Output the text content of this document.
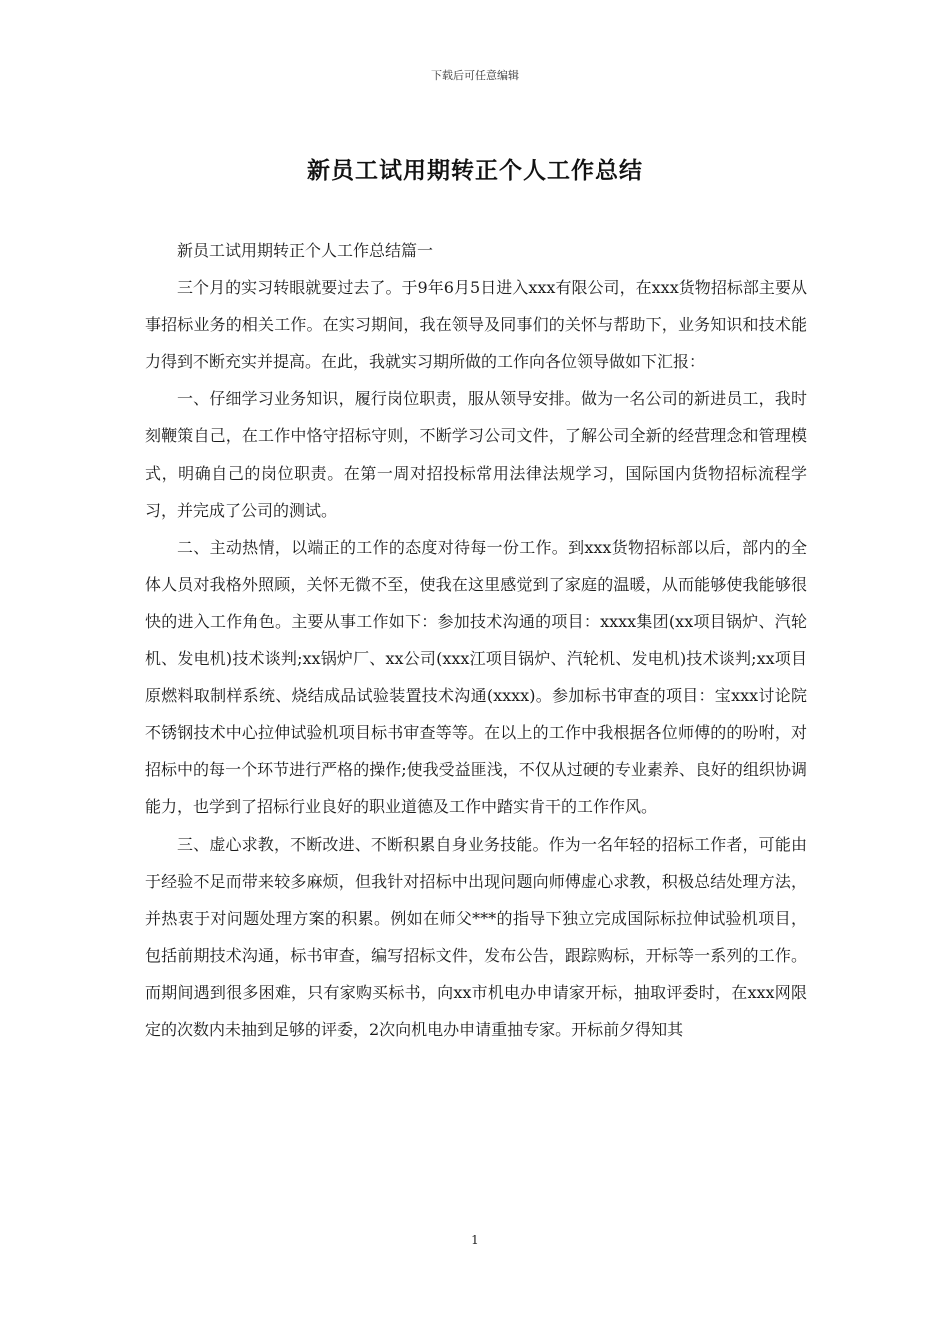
下载后可任意编辑
新员工试用期转正个人工作总结

新员工试用期转正个人工作总结篇一

三个月的实习转眼就要过去了。于9年6月5日进入xxx有限公司，在xxx货物招标部主要从事招标业务的相关工作。在实习期间，我在领导及同事们的关怀与帮助下，业务知识和技术能力得到不断充实并提高。在此，我就实习期所做的工作向各位领导做如下汇报：

一、仔细学习业务知识，履行岗位职责，服从领导安排。做为一名公司的新进员工，我时刻鞭策自己，在工作中恪守招标守则，不断学习公司文件，了解公司全新的经营理念和管理模式，明确自己的岗位职责。在第一周对招投标常用法律法规学习，国际国内货物招标流程学习，并完成了公司的测试。

二、主动热情，以端正的工作的态度对待每一份工作。到xxx货物招标部以后，部内的全体人员对我格外照顾，关怀无微不至，使我在这里感觉到了家庭的温暖，从而能够使我能够很快的进入工作角色。主要从事工作如下：参加技术沟通的项目：xxxx集团(xx项目锅炉、汽轮机、发电机)技术谈判;xx锅炉厂、xx公司(xxx江项目锅炉、汽轮机、发电机)技术谈判;xx项目原燃料取制样系统、烧结成品试验装置技术沟通(xxxx)。参加标书审查的项目：宝xxx讨论院不锈钢技术中心拉伸试验机项目标书审查等等。在以上的工作中我根据各位师傅的的吩咐，对招标中的每一个环节进行严格的操作;使我受益匪浅，不仅从过硬的专业素养、良好的组织协调能力，也学到了招标行业良好的职业道德及工作中踏实肯干的工作作风。

三、虚心求教，不断改进、不断积累自身业务技能。作为一名年轻的招标工作者，可能由于经验不足而带来较多麻烦，但我针对招标中出现问题向师傅虚心求教，积极总结处理方法，并热衷于对问题处理方案的积累。例如在师父***的指导下独立完成国际标拉伸试验机项目，包括前期技术沟通，标书审查，编写招标文件，发布公告，跟踪购标，开标等一系列的工作。而期间遇到很多困难，只有家购买标书，向xx市机电办申请家开标，抽取评委时，在xxx网限定的次数内未抽到足够的评委，2次向机电办申请重抽专家。开标前夕得知其

1
